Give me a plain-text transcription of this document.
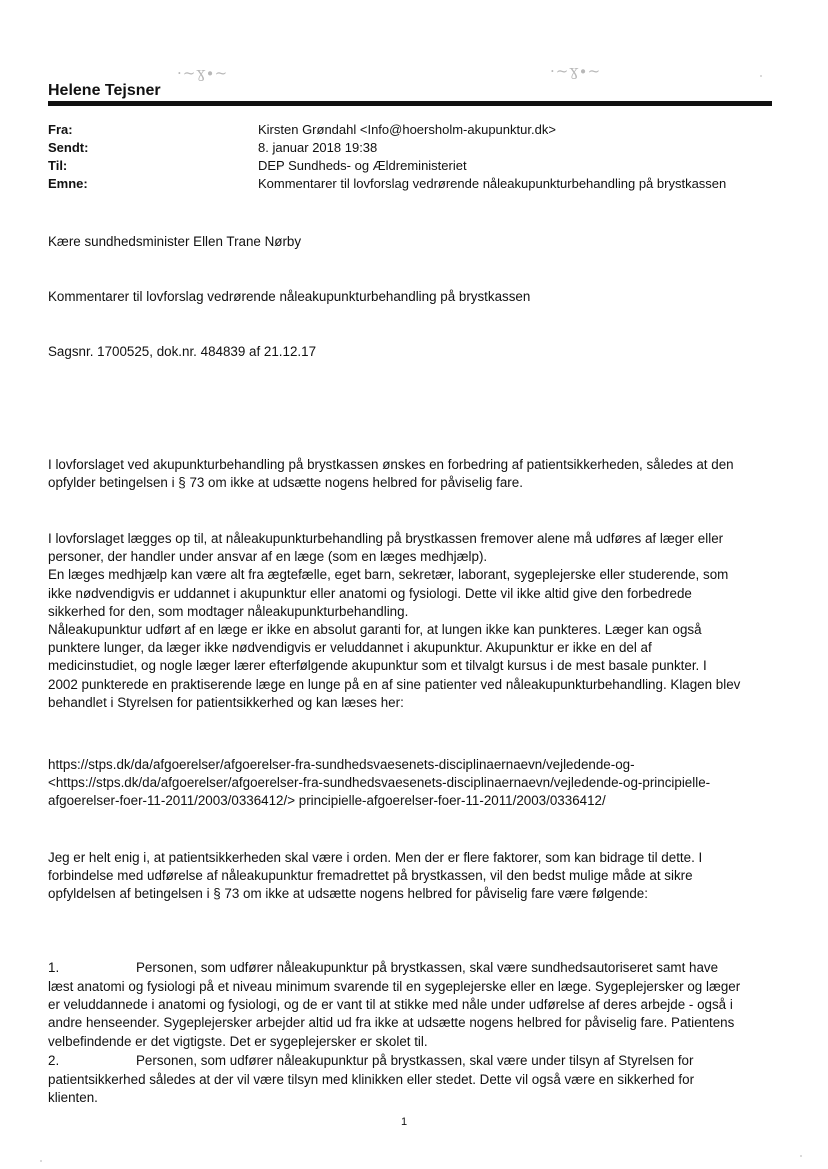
·~ɣ∙~	·~ɣ∙~
Helene Tejsner
Fra:	Kirsten Grøndahl <Info@hoersholm-akupunktur.dk>
Sendt:	8. januar 2018 19:38
Til:	DEP Sundheds- og Ældreministeriet
Emne:	Kommentarer til lovforslag vedrørende nåleakupunkturbehandling på brystkassen
Kære sundhedsminister Ellen Trane Nørby
Kommentarer til lovforslag vedrørende nåleakupunkturbehandling på brystkassen
Sagsnr. 1700525, dok.nr. 484839 af 21.12.17
I lovforslaget ved akupunkturbehandling på brystkassen ønskes en forbedring af patientsikkerheden, således at den
opfylder betingelsen i § 73 om ikke at udsætte nogens helbred for påviselig fare.
I lovforslaget lægges op til, at nåleakupunkturbehandling på brystkassen fremover alene må udføres af læger eller
personer, der handler under ansvar af en læge (som en læges medhjælp).
En læges medhjælp kan være alt fra ægtefælle, eget barn, sekretær, laborant, sygeplejerske eller studerende, som
ikke nødvendigvis er uddannet i akupunktur eller anatomi og fysiologi. Dette vil ikke altid give den forbedrede
sikkerhed for den, som modtager nåleakupunkturbehandling.
Nåleakupunktur udført af en læge er ikke en absolut garanti for, at lungen ikke kan punkteres. Læger kan også
punktere lunger, da læger ikke nødvendigvis er veluddannet i akupunktur. Akupunktur er ikke en del af
medicinstudiet, og nogle læger lærer efterfølgende akupunktur som et tilvalgt kursus i de mest basale punkter. I
2002 punkterede en praktiserende læge en lunge på en af sine patienter ved nåleakupunkturbehandling. Klagen blev
behandlet i Styrelsen for patientsikkerhed og kan læses her:
https://stps.dk/da/afgoerelser/afgoerelser-fra-sundhedsvaesenets-disciplinaernaevn/vejledende-og-
<https://stps.dk/da/afgoerelser/afgoerelser-fra-sundhedsvaesenets-disciplinaernaevn/vejledende-og-principielle-
afgoerelser-foer-11-2011/2003/0336412/> principielle-afgoerelser-foer-11-2011/2003/0336412/
Jeg er helt enig i, at patientsikkerheden skal være i orden. Men der er flere faktorer, som kan bidrage til dette. I
forbindelse med udførelse af nåleakupunktur fremadrettet på brystkassen, vil den bedst mulige måde at sikre
opfyldelsen af betingelsen i § 73 om ikke at udsætte nogens helbred for påviselig fare være følgende:
1.	Personen, som udfører nåleakupunktur på brystkassen, skal være sundhedsautoriseret samt have
læst anatomi og fysiologi på et niveau minimum svarende til en sygeplejerske eller en læge. Sygeplejersker og læger
er veluddannede i anatomi og fysiologi, og de er vant til at stikke med nåle under udførelse af deres arbejde - også i
andre henseender. Sygeplejersker arbejder altid ud fra ikke at udsætte nogens helbred for påviselig fare. Patientens
velbefindende er det vigtigste. Det er sygeplejersker er skolet til.
2.	Personen, som udfører nåleakupunktur på brystkassen, skal være under tilsyn af Styrelsen for
patientsikkerhed således at der vil være tilsyn med klinikken eller stedet. Dette vil også være en sikkerhed for
klienten.
1
